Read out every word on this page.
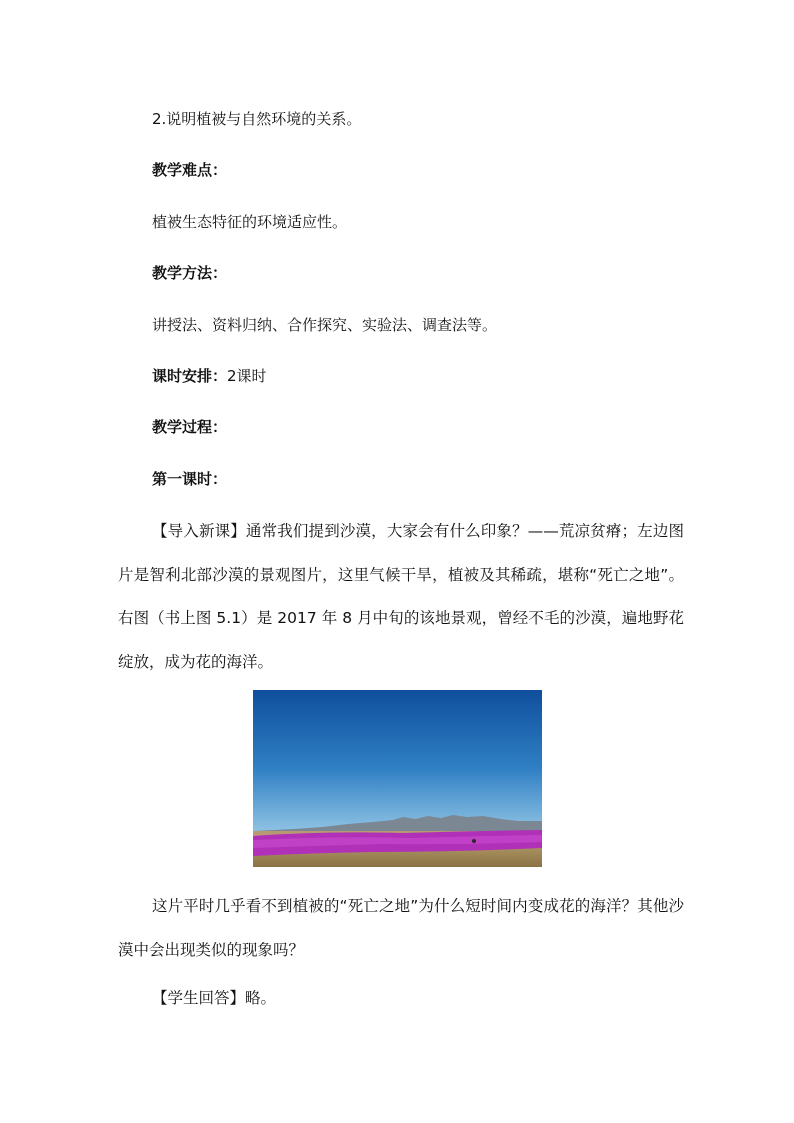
2.说明植被与自然环境的关系。
教学难点：
植被生态特征的环境适应性。
教学方法：
讲授法、资料归纳、合作探究、实验法、调查法等。
课时安排：2课时
教学过程：
第一课时：
【导入新课】通常我们提到沙漠，大家会有什么印象？——荒凉贫瘠；左边图片是智利北部沙漠的景观图片，这里气候干旱，植被及其稀疏，堪称“死亡之地”。右图（书上图 5.1）是 2017 年 8 月中旬的该地景观，曾经不毛的沙漠，遍地野花绽放，成为花的海洋。
这片平时几乎看不到植被的“死亡之地”为什么短时间内变成花的海洋？其他沙漠中会出现类似的现象吗？
【学生回答】略。
